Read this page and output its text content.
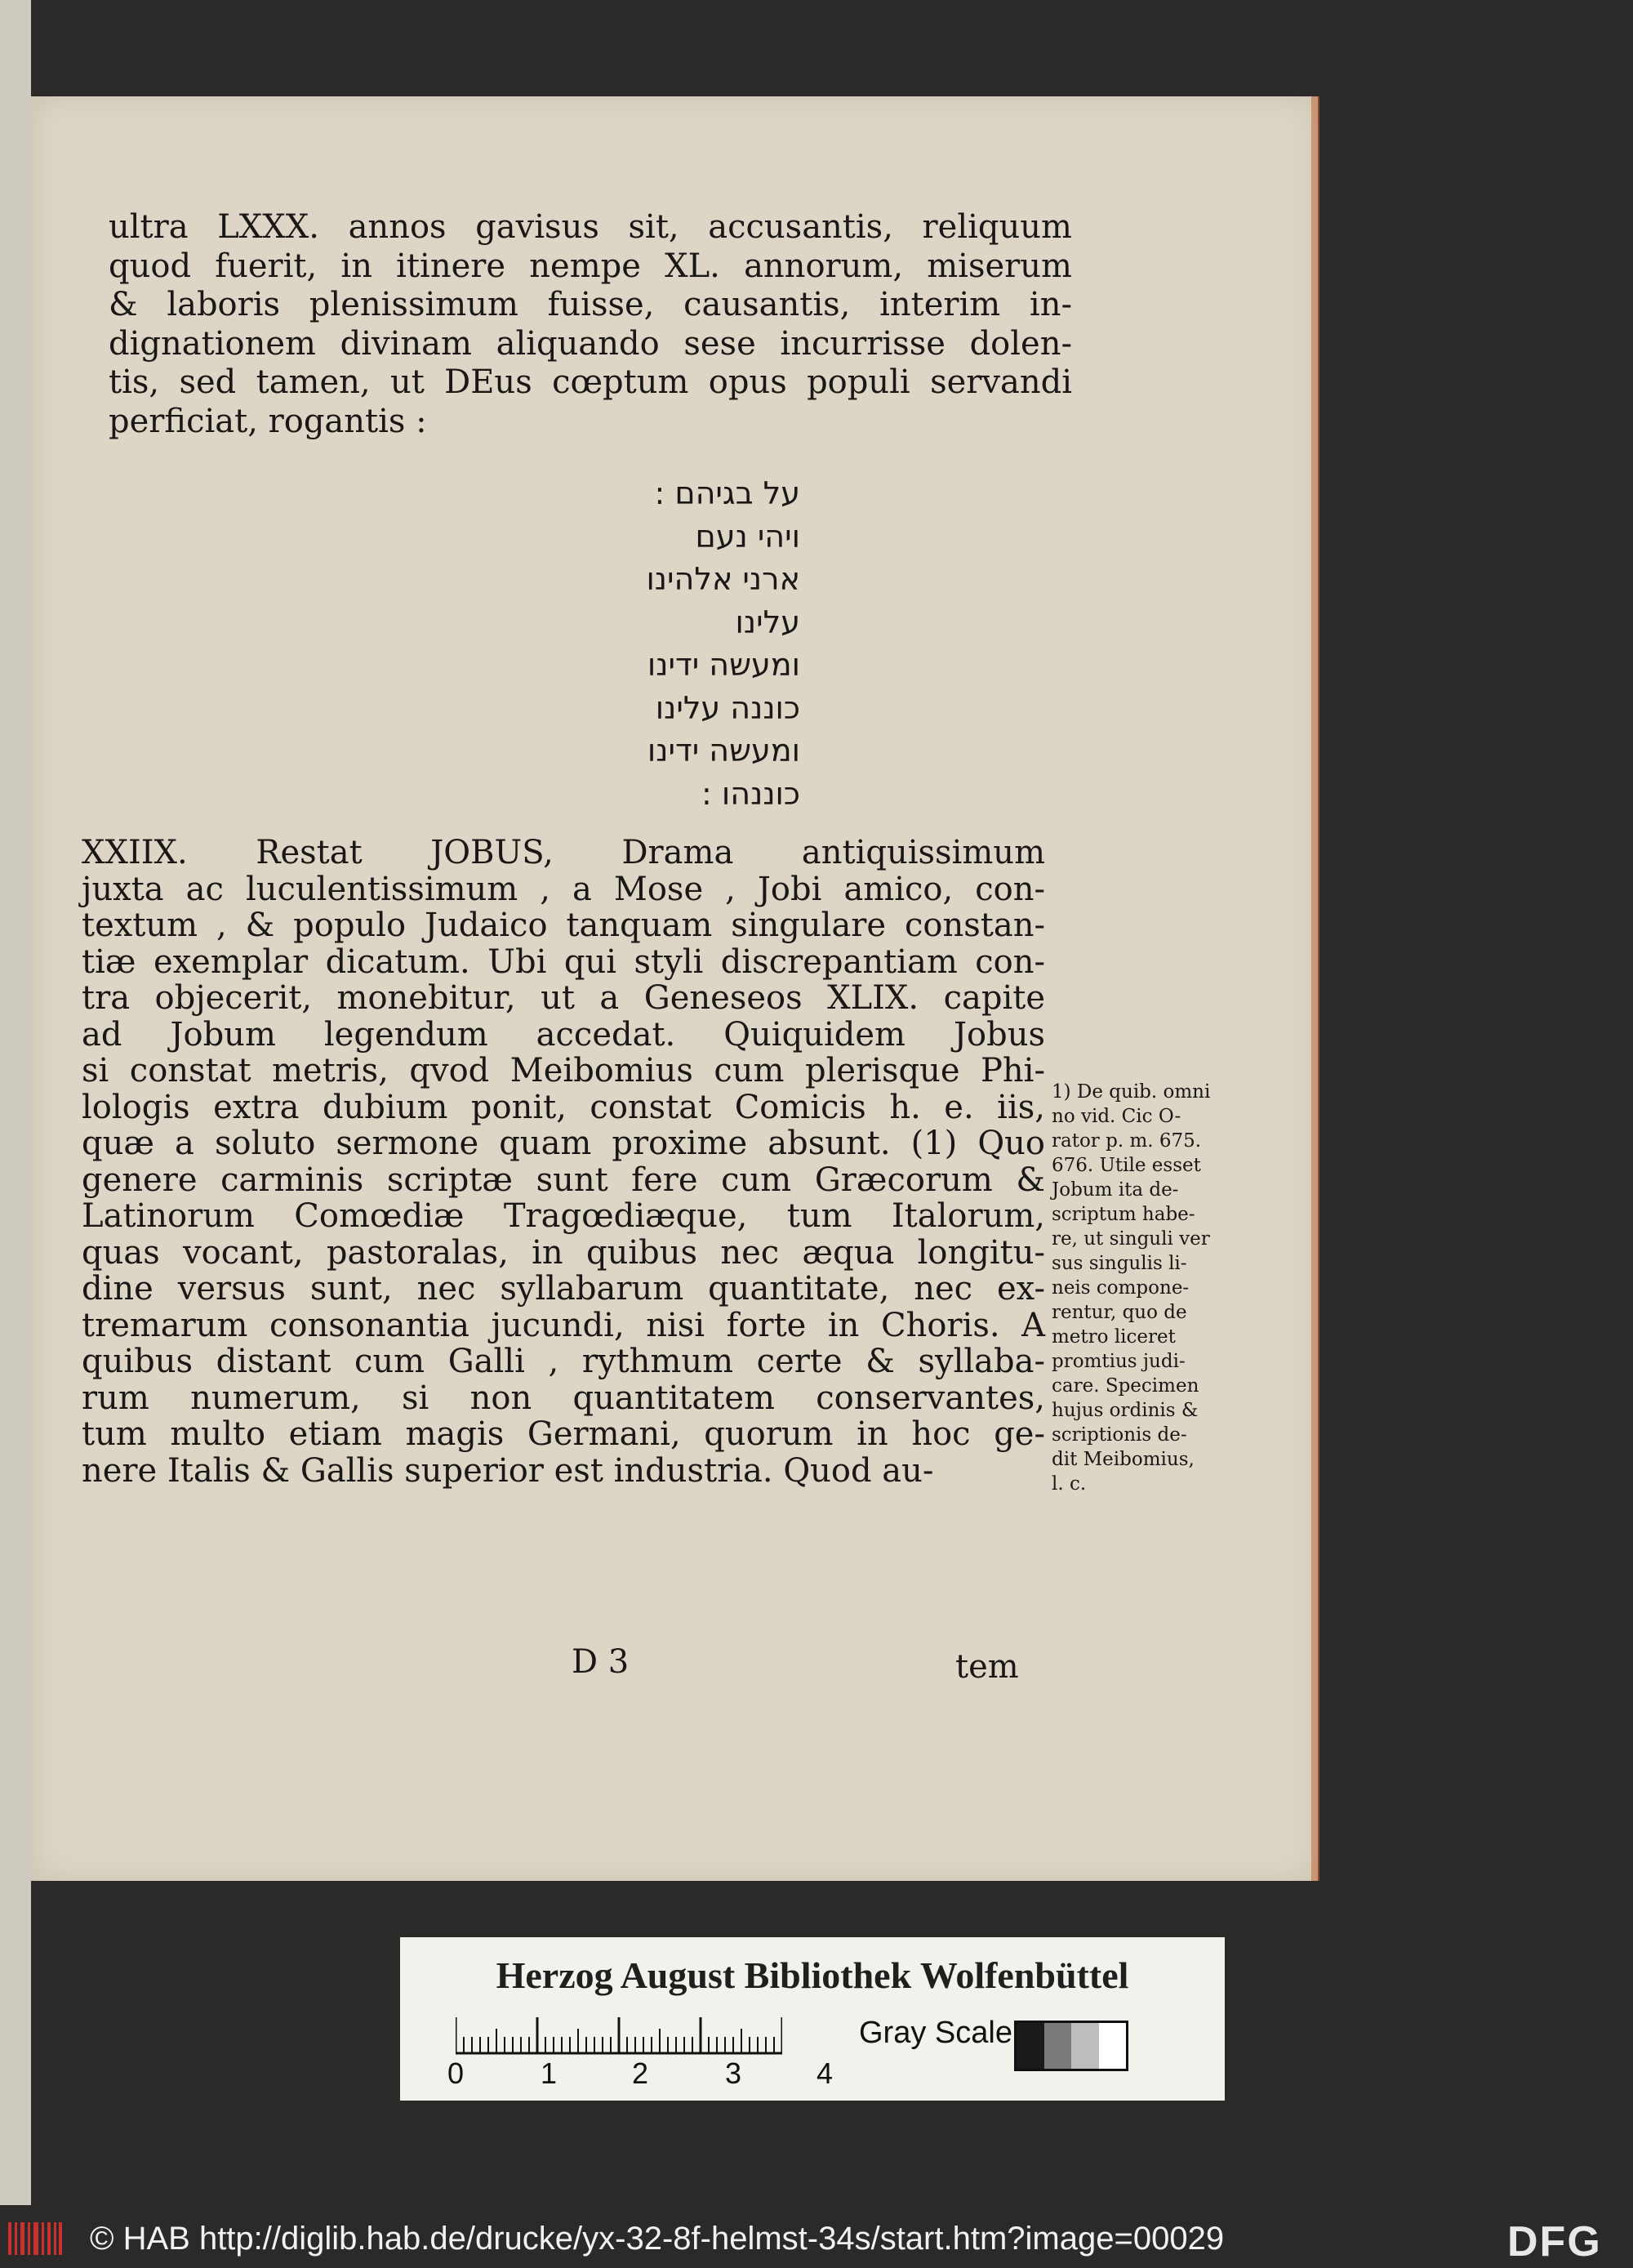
ultra LXXX. annos gavisus sit, accusantis, reliquum
quod fuerit, in itinere nempe XL. annorum, miserum
& laboris plenissimum fuisse, causantis, interim in-
dignationem divinam aliquando sese incurrisse dolen-
tis, sed tamen, ut DEus cœptum opus populi servandi
perficiat, rogantis :
על בגיהם :
ויהי נעם
ארני אלהינו
עלינו
ומעשה ידינו
כוננה עלינו
ומעשה ידינו
כוננהו :
XXIIX. Restat JOBUS, Drama antiquissimum
juxta ac luculentissimum , a Mose , Jobi amico, con-
textum , & populo Judaico tanquam singulare constan-
tiæ exemplar dicatum. Ubi qui styli discrepantiam con-
tra objecerit, monebitur, ut a Geneseos XLIX. capite
ad Jobum legendum accedat. Quiquidem Jobus
si constat metris, qvod Meibomius cum plerisque Phi-
lologis extra dubium ponit, constat Comicis h. e. iis,
quæ a soluto sermone quam proxime absunt. (1) Quo
genere carminis scriptæ sunt fere cum Græcorum &
Latinorum Comœdiæ Tragœdiæque, tum Italorum,
quas vocant, pastoralas, in quibus nec æqua longitu-
dine versus sunt, nec syllabarum quantitate, nec ex-
tremarum consonantia jucundi, nisi forte in Choris. A
quibus distant cum Galli , rythmum certe & syllaba-
rum numerum, si non quantitatem conservantes,
tum multo etiam magis Germani, quorum in hoc ge-
nere Italis & Gallis superior est industria. Quod au-
1) De quib. omni
no vid. Cic O-
rator p. m. 675.
676. Utile esset
Jobum ita de-
scriptum habe-
re, ut singuli ver
sus singulis li-
neis compone-
rentur, quo de
metro liceret
promtius judi-
care. Specimen
hujus ordinis &
scriptionis de-
dit Meibomius,
l. c.
D 3	tem
Herzog August Bibliothek Wolfenbüttel
0	1	2	3	4
Gray Scale
© HAB http://diglib.hab.de/drucke/yx-32-8f-helmst-34s/start.htm?image=00029	DFG
